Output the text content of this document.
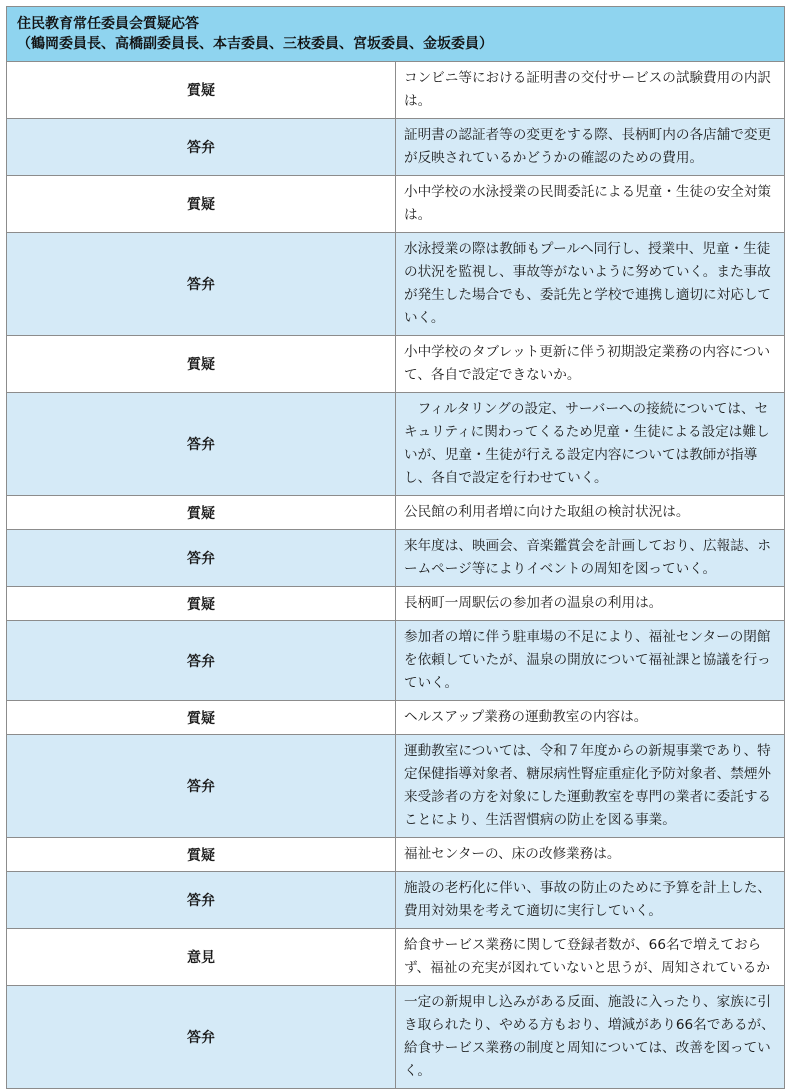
住民教育常任委員会質疑応答
（鶴岡委員長、高橋副委員長、本吉委員、三枝委員、宮坂委員、金坂委員）	

質疑	コンビニ等における証明書の交付サービスの試験費用の内訳は。
答弁	証明書の認証者等の変更をする際、長柄町内の各店舗で変更が反映されているかどうかの確認のための費用。
質疑	小中学校の水泳授業の民間委託による児童・生徒の安全対策は。
答弁	水泳授業の際は教師もプールへ同行し、授業中、児童・生徒の状況を監視し、事故等がないように努めていく。また事故が発生した場合でも、委託先と学校で連携し適切に対応していく。
質疑	小中学校のタブレット更新に伴う初期設定業務の内容について、各自で設定できないか。
答弁	フィルタリングの設定、サーバーへの接続については、セキュリティに関わってくるため児童・生徒による設定は難しいが、児童・生徒が行える設定内容については教師が指導し、各自で設定を行わせていく。
質疑	公民館の利用者増に向けた取組の検討状況は。
答弁	来年度は、映画会、音楽鑑賞会を計画しており、広報誌、ホームページ等によりイベントの周知を図っていく。
質疑	長柄町一周駅伝の参加者の温泉の利用は。
答弁	参加者の増に伴う駐車場の不足により、福祉センターの閉館を依頼していたが、温泉の開放について福祉課と協議を行っていく。
質疑	ヘルスアップ業務の運動教室の内容は。
答弁	運動教室については、令和７年度からの新規事業であり、特定保健指導対象者、糖尿病性腎症重症化予防対象者、禁煙外来受診者の方を対象にした運動教室を専門の業者に委託することにより、生活習慣病の防止を図る事業。
質疑	福祉センターの、床の改修業務は。
答弁	施設の老朽化に伴い、事故の防止のために予算を計上した、費用対効果を考えて適切に実行していく。
意見	給食サービス業務に関して登録者数が、66名で増えておらず、福祉の充実が図れていないと思うが、周知されているか
答弁	一定の新規申し込みがある反面、施設に入ったり、家族に引き取られたり、やめる方もおり、増減があり66名であるが、給食サービス業務の制度と周知については、改善を図っていく。
